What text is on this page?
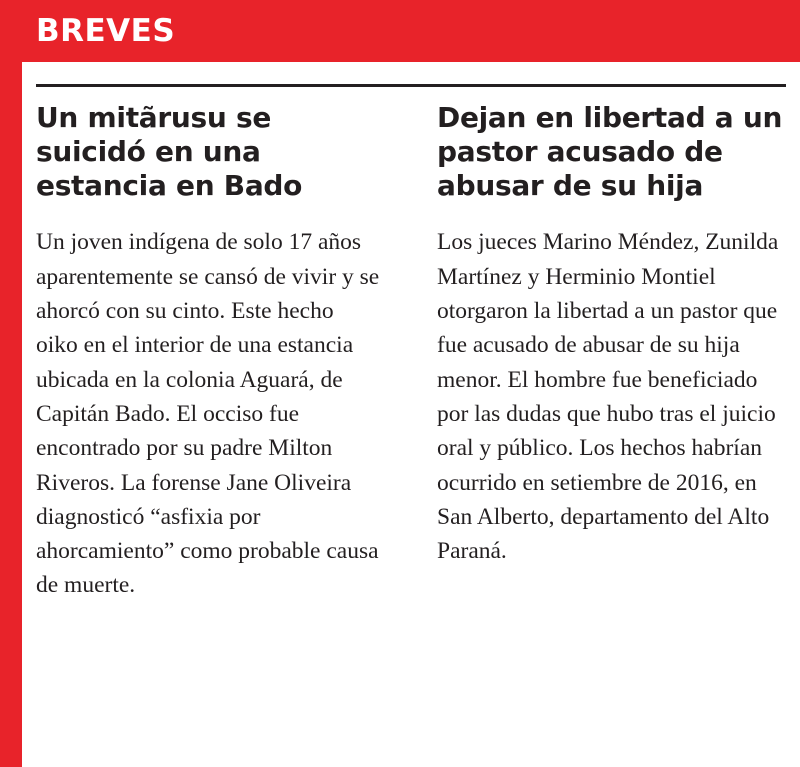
BREVES
Un mitãrusu se suicidó en una estancia en Bado

Un joven indígena de solo 17 años aparentemente se cansó de vivir y se ahorcó con su cinto. Este hecho oiko en el interior de una estancia ubicada en la colonia Aguará, de Capitán Bado. El occiso fue encontrado por su padre Milton Riveros. La forense Jane Oliveira diagnosticó “asfixia por ahorcamiento” como probable causa de muerte.

Dejan en libertad a un pastor acusado de abusar de su hija

Los jueces Marino Méndez, Zunilda Martínez y Herminio Montiel otorgaron la libertad a un pastor que fue acusado de abusar de su hija menor. El hombre fue beneficiado por las dudas que hubo tras el juicio oral y público. Los hechos habrían ocurrido en setiembre de 2016, en San Alberto, departamento del Alto Paraná.
